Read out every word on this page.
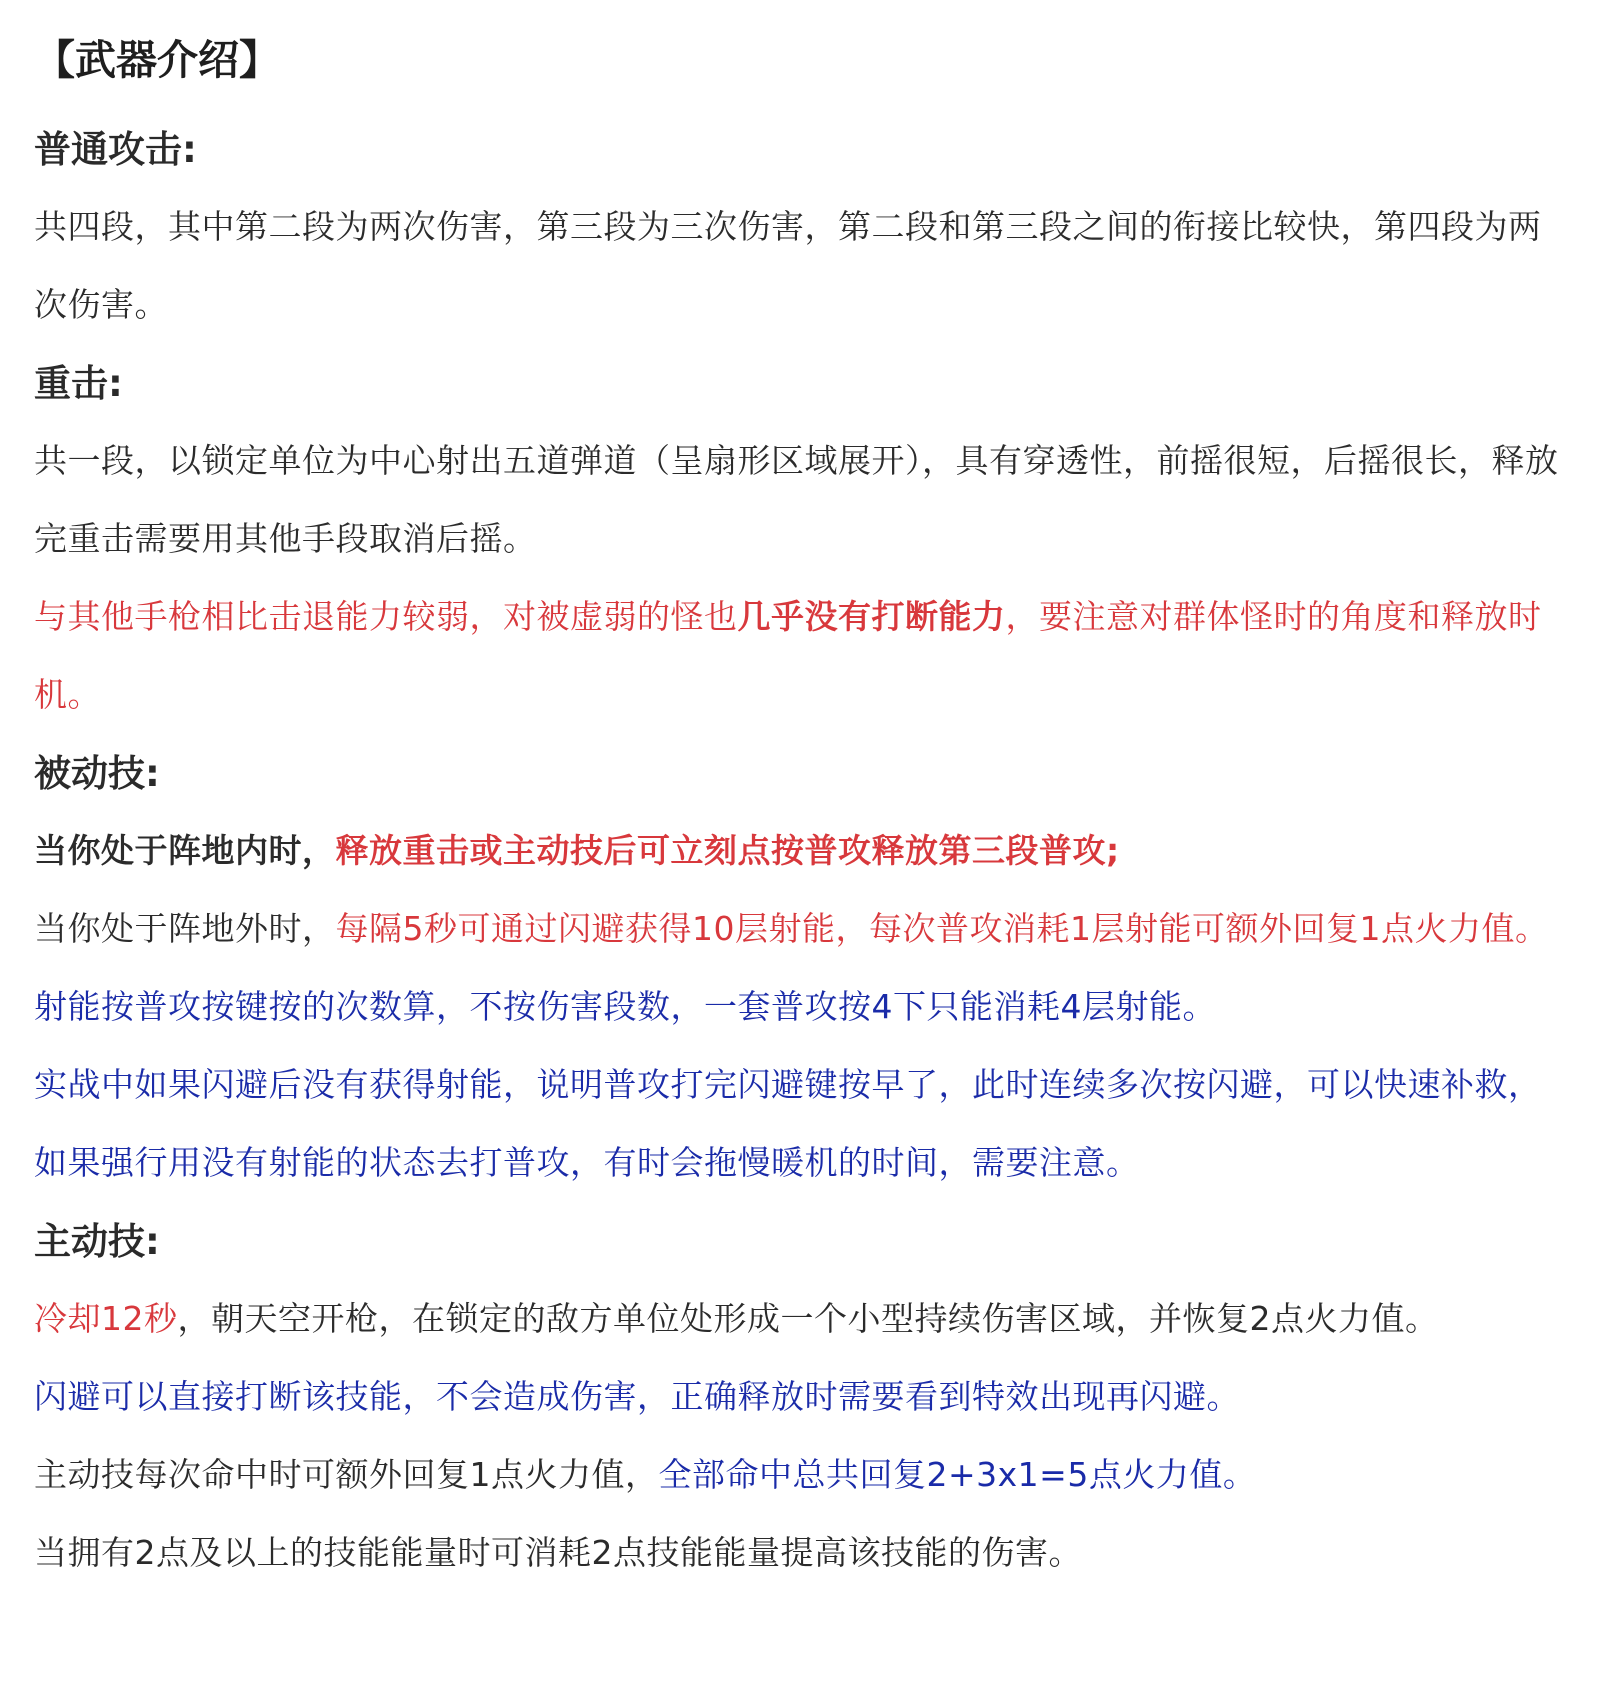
【武器介绍】
普通攻击:

共四段，其中第二段为两次伤害，第三段为三次伤害，第二段和第三段之间的衔接比较快，第四段为两次伤害。

重击:

共一段，以锁定单位为中心射出五道弹道（呈扇形区域展开），具有穿透性，前摇很短，后摇很长，释放完重击需要用其他手段取消后摇。

与其他手枪相比击退能力较弱，对被虚弱的怪也几乎没有打断能力，要注意对群体怪时的角度和释放时机。

被动技:

当你处于阵地内时，释放重击或主动技后可立刻点按普攻释放第三段普攻;

当你处于阵地外时，每隔5秒可通过闪避获得10层射能，每次普攻消耗1层射能可额外回复1点火力值。

射能按普攻按键按的次数算，不按伤害段数，一套普攻按4下只能消耗4层射能。

实战中如果闪避后没有获得射能，说明普攻打完闪避键按早了，此时连续多次按闪避，可以快速补救，如果强行用没有射能的状态去打普攻，有时会拖慢暖机的时间，需要注意。

主动技:

冷却12秒，朝天空开枪，在锁定的敌方单位处形成一个小型持续伤害区域，并恢复2点火力值。

闪避可以直接打断该技能，不会造成伤害，正确释放时需要看到特效出现再闪避。

主动技每次命中时可额外回复1点火力值，全部命中总共回复2+3x1=5点火力值。

当拥有2点及以上的技能能量时可消耗2点技能能量提高该技能的伤害。
